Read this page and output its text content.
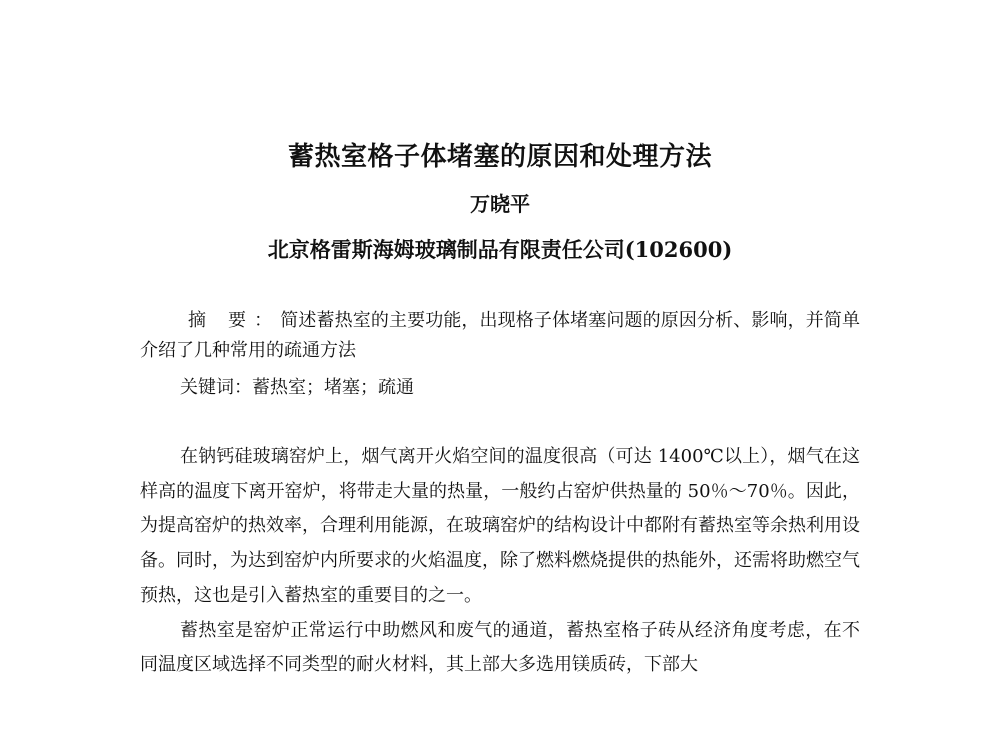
蓄热室格子体堵塞的原因和处理方法
万晓平
北京格雷斯海姆玻璃制品有限责任公司(102600)
摘 要：简述蓄热室的主要功能，出现格子体堵塞问题的原因分析、影响，并简单介绍了几种常用的疏通方法
关键词：蓄热室；堵塞；疏通

在钠钙硅玻璃窑炉上，烟气离开火焰空间的温度很高（可达 1400℃以上），烟气在这样高的温度下离开窑炉，将带走大量的热量，一般约占窑炉供热量的 50％～70％。因此，为提高窑炉的热效率，合理利用能源，在玻璃窑炉的结构设计中都附有蓄热室等余热利用设备。同时，为达到窑炉内所要求的火焰温度，除了燃料燃烧提供的热能外，还需将助燃空气预热，这也是引入蓄热室的重要目的之一。

蓄热室是窑炉正常运行中助燃风和废气的通道，蓄热室格子砖从经济角度考虑，在不同温度区域选择不同类型的耐火材料，其上部大多选用镁质砖，下部大
